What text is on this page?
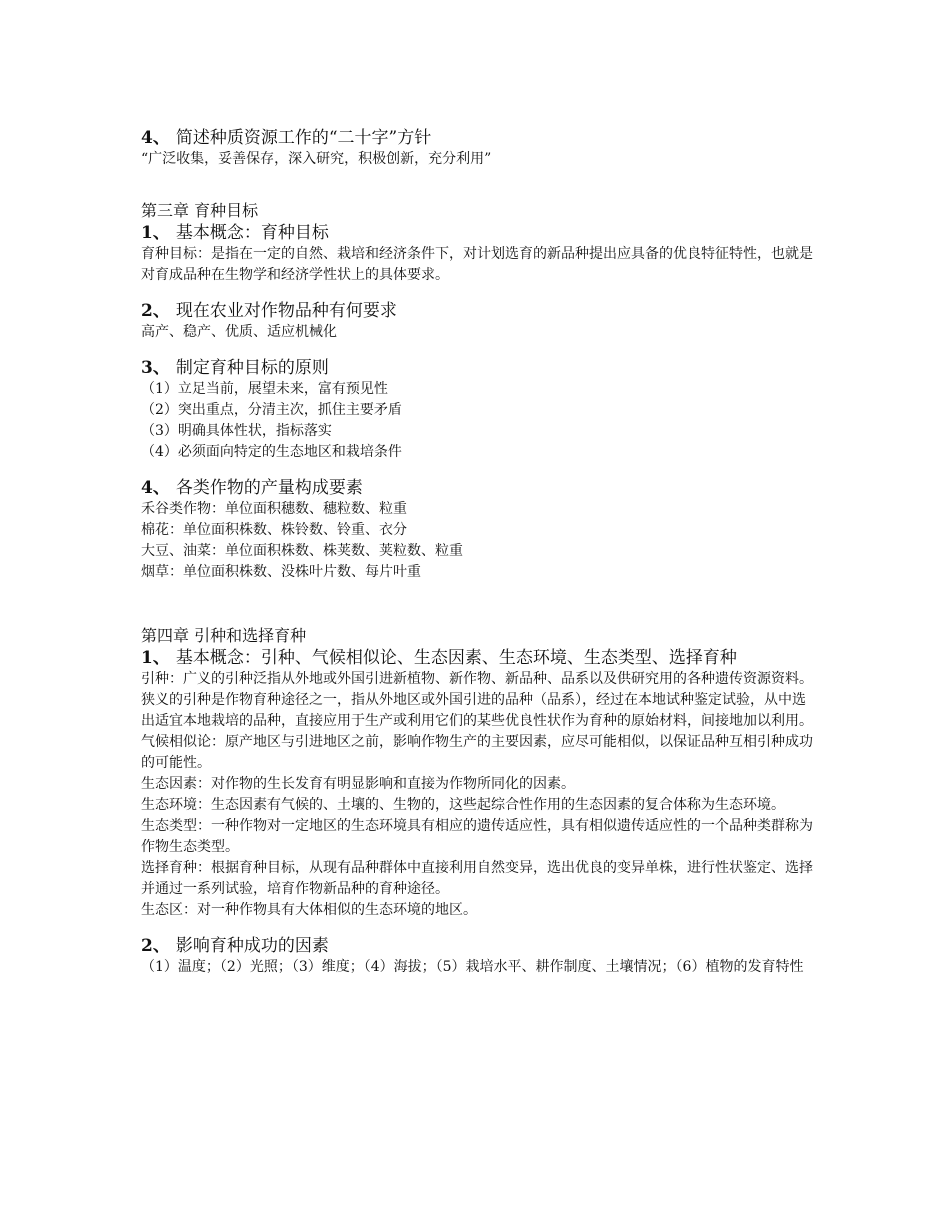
4、 简述种质资源工作的“二十字”方针

“广泛收集，妥善保存，深入研究，积极创新，充分利用”

第三章 育种目标

1、 基本概念：育种目标

育种目标：是指在一定的自然、栽培和经济条件下，对计划选育的新品种提出应具备的优良特征特性，也就是对育成品种在生物学和经济学性状上的具体要求。

2、 现在农业对作物品种有何要求

高产、稳产、优质、适应机械化

3、 制定育种目标的原则

（1）立足当前，展望未来，富有预见性

（2）突出重点，分清主次，抓住主要矛盾

（3）明确具体性状，指标落实

（4）必须面向特定的生态地区和栽培条件

4、 各类作物的产量构成要素

禾谷类作物：单位面积穗数、穗粒数、粒重

棉花：单位面积株数、株铃数、铃重、衣分

大豆、油菜：单位面积株数、株荚数、荚粒数、粒重

烟草：单位面积株数、没株叶片数、每片叶重

第四章 引种和选择育种

1、 基本概念：引种、气候相似论、生态因素、生态环境、生态类型、选择育种

引种：广义的引种泛指从外地或外国引进新植物、新作物、新品种、品系以及供研究用的各种遗传资源资料。狭义的引种是作物育种途径之一，指从外地区或外国引进的品种（品系），经过在本地试种鉴定试验，从中选出适宜本地栽培的品种，直接应用于生产或利用它们的某些优良性状作为育种的原始材料，间接地加以利用。

气候相似论：原产地区与引进地区之前，影响作物生产的主要因素，应尽可能相似，以保证品种互相引种成功的可能性。

生态因素：对作物的生长发育有明显影响和直接为作物所同化的因素。

生态环境：生态因素有气候的、土壤的、生物的，这些起综合性作用的生态因素的复合体称为生态环境。

生态类型：一种作物对一定地区的生态环境具有相应的遗传适应性，具有相似遗传适应性的一个品种类群称为作物生态类型。

选择育种：根据育种目标，从现有品种群体中直接利用自然变异，选出优良的变异单株，进行性状鉴定、选择并通过一系列试验，培育作物新品种的育种途径。

生态区：对一种作物具有大体相似的生态环境的地区。

2、 影响育种成功的因素

（1）温度；（2）光照；（3）维度；（4）海拔；（5）栽培水平、耕作制度、土壤情况；（6）植物的发育特性
